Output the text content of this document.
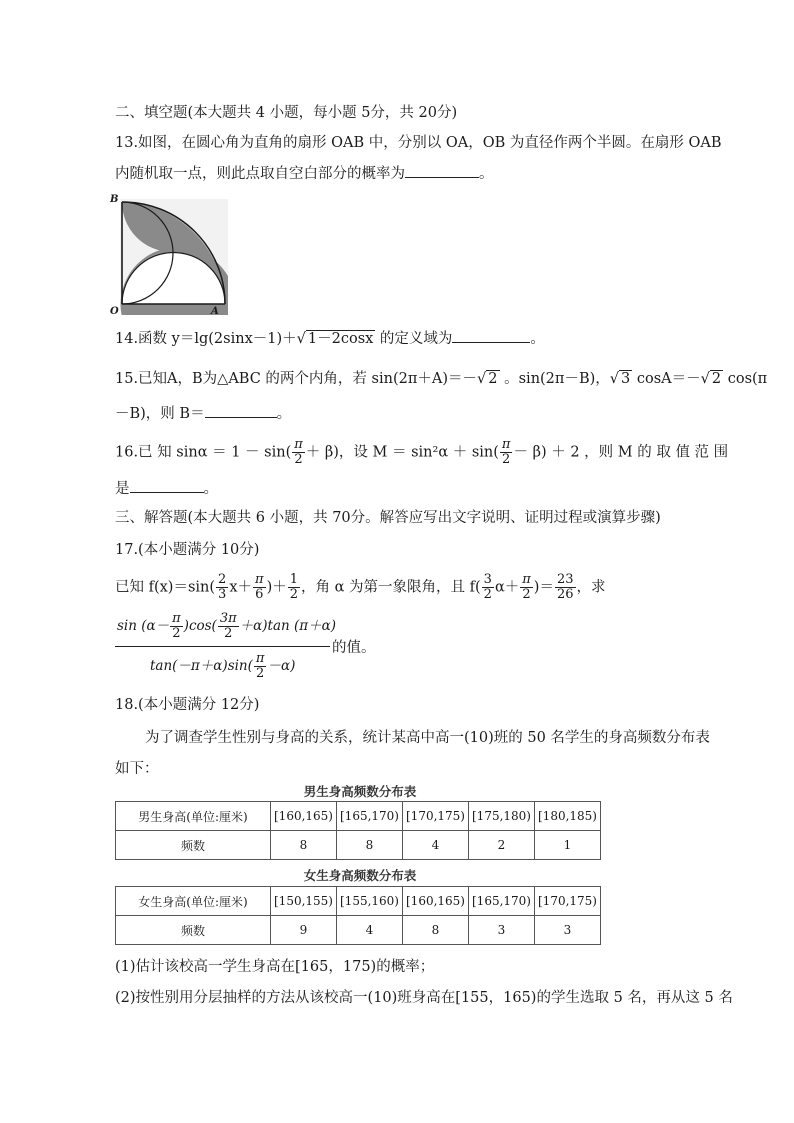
二、填空题(本大题共 4 小题，每小题 5分，共 20分)
13.如图，在圆心角为直角的扇形 OAB 中，分别以 OA，OB 为直径作两个半圆。在扇形 OAB
内随机取一点，则此点取自空白部分的概率为	。
B
O	A
14.函数 y＝lg(2sinx－1)＋√ 1－2cosx 的定义域为	。
15.已知A，B为△ABC 的两个内角，若 sin(2π＋A)＝－√ 2 。sin(2π－B)，√ 3 cosA＝－√ 2 cos(π
－B)，则 B＝	。
16.已 知 $\sin\alpha = 1 - \sin( \frac{\pi}{2} + \beta)$，设 $M = \sin^2\alpha + \sin( \frac{\pi}{2} - \beta) + 2$ ，则 M 的 取 值 范 围
是	。
三、解答题(本大题共 6 小题，共 70分。解答应写出文字说明、证明过程或演算步骤)
17.(本小题满分 10分)
已知 $f(x)=\sin( \frac{2}{3} x+ \frac{\pi}{6}$ )＋ $\frac{1}{2}$ ，角 α 为第一象限角，且 $f( \frac{3}{2} \alpha+ \frac{\pi}{2}$ )＝ $\frac{23}{26}$ ，求
$\sin (\alpha- \frac{\pi}{2} )\cos( \frac{3\pi}{2} +\alpha)\tan$ (π＋α)
的值。
$\tan(-\pi+\alpha)\sin( \frac{\pi}{2} -\alpha)$
18.(本小题满分 12分)
为了调查学生性别与身高的关系，统计某高中高一(10)班的 50 名学生的身高频数分布表
如下：
男生身高频数分布表
男生身高(单位:厘米)	[160,165)	[165,170)	[170,175)	[175,180)	[180,185)
频数	8	8	4	2	1
女生身高频数分布表
女生身高(单位:厘米)	[150,155)	[155,160)	[160,165)	[165,170)	[170,175)
频数	9	4	8	3	3
(1)估计该校高一学生身高在[165，175)的概率；
(2)按性别用分层抽样的方法从该校高一(10)班身高在[155，165)的学生选取 5 名，再从这 5 名
